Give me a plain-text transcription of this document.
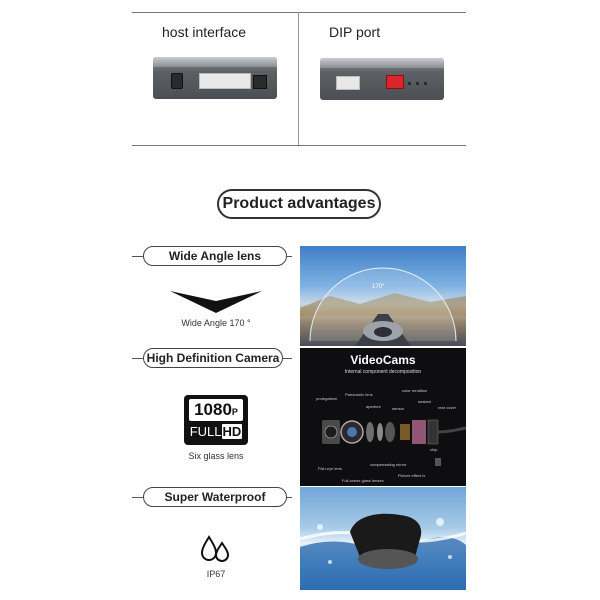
host interface	DIP port
Product advantages
Wide Angle lens
Wide Angle 170 °
High Definition Camera
1080P
FULLHD
Six glass lens
Super Waterproof
IP67
170°
VideoCams
Internal component decomposition
protegatium
Panoramic lens
aperture	sensor
color rendition
sealant
rear cover
Fish-eye lens
Full-scene glass lenses
compensating mirror
Picture effect is
chip
